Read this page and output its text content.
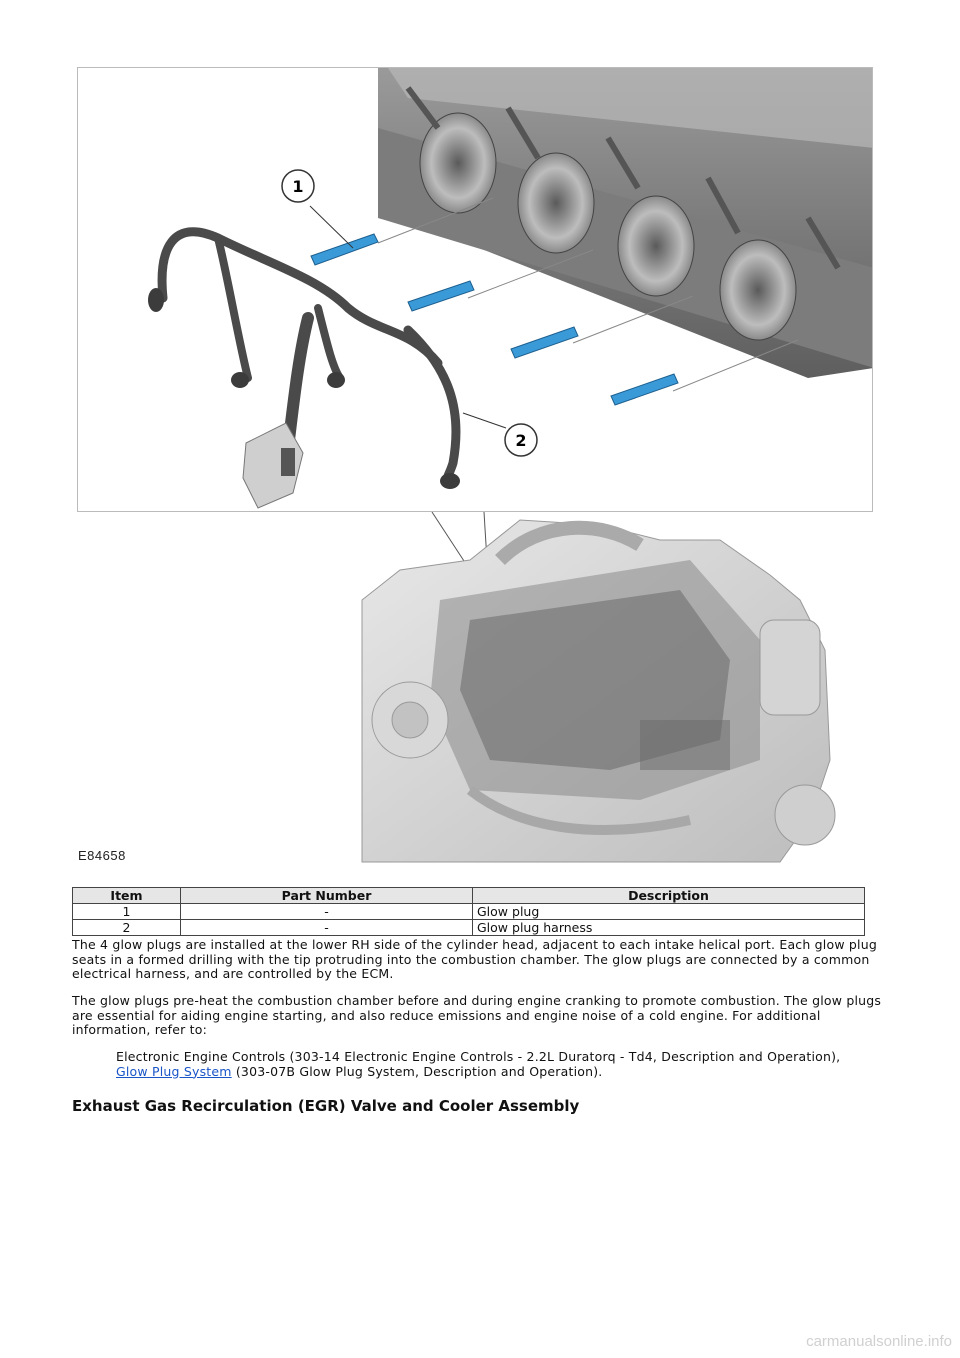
1
2
E84658
Item	Part Number	Description
1	-	Glow plug
2	-	Glow plug harness

The 4 glow plugs are installed at the lower RH side of the cylinder head, adjacent to each intake helical port. Each glow plug seats in a formed drilling with the tip protruding into the combustion chamber. The glow plugs are connected by a common electrical harness, and are controlled by the ECM.

The glow plugs pre-heat the combustion chamber before and during engine cranking to promote combustion. The glow plugs are essential for aiding engine starting, and also reduce emissions and engine noise of a cold engine. For additional information, refer to:

Electronic Engine Controls (303-14 Electronic Engine Controls - 2.2L Duratorq - Td4, Description and Operation),
Glow Plug System (303-07B Glow Plug System, Description and Operation).

Exhaust Gas Recirculation (EGR) Valve and Cooler Assembly
carmanualsonline.info
